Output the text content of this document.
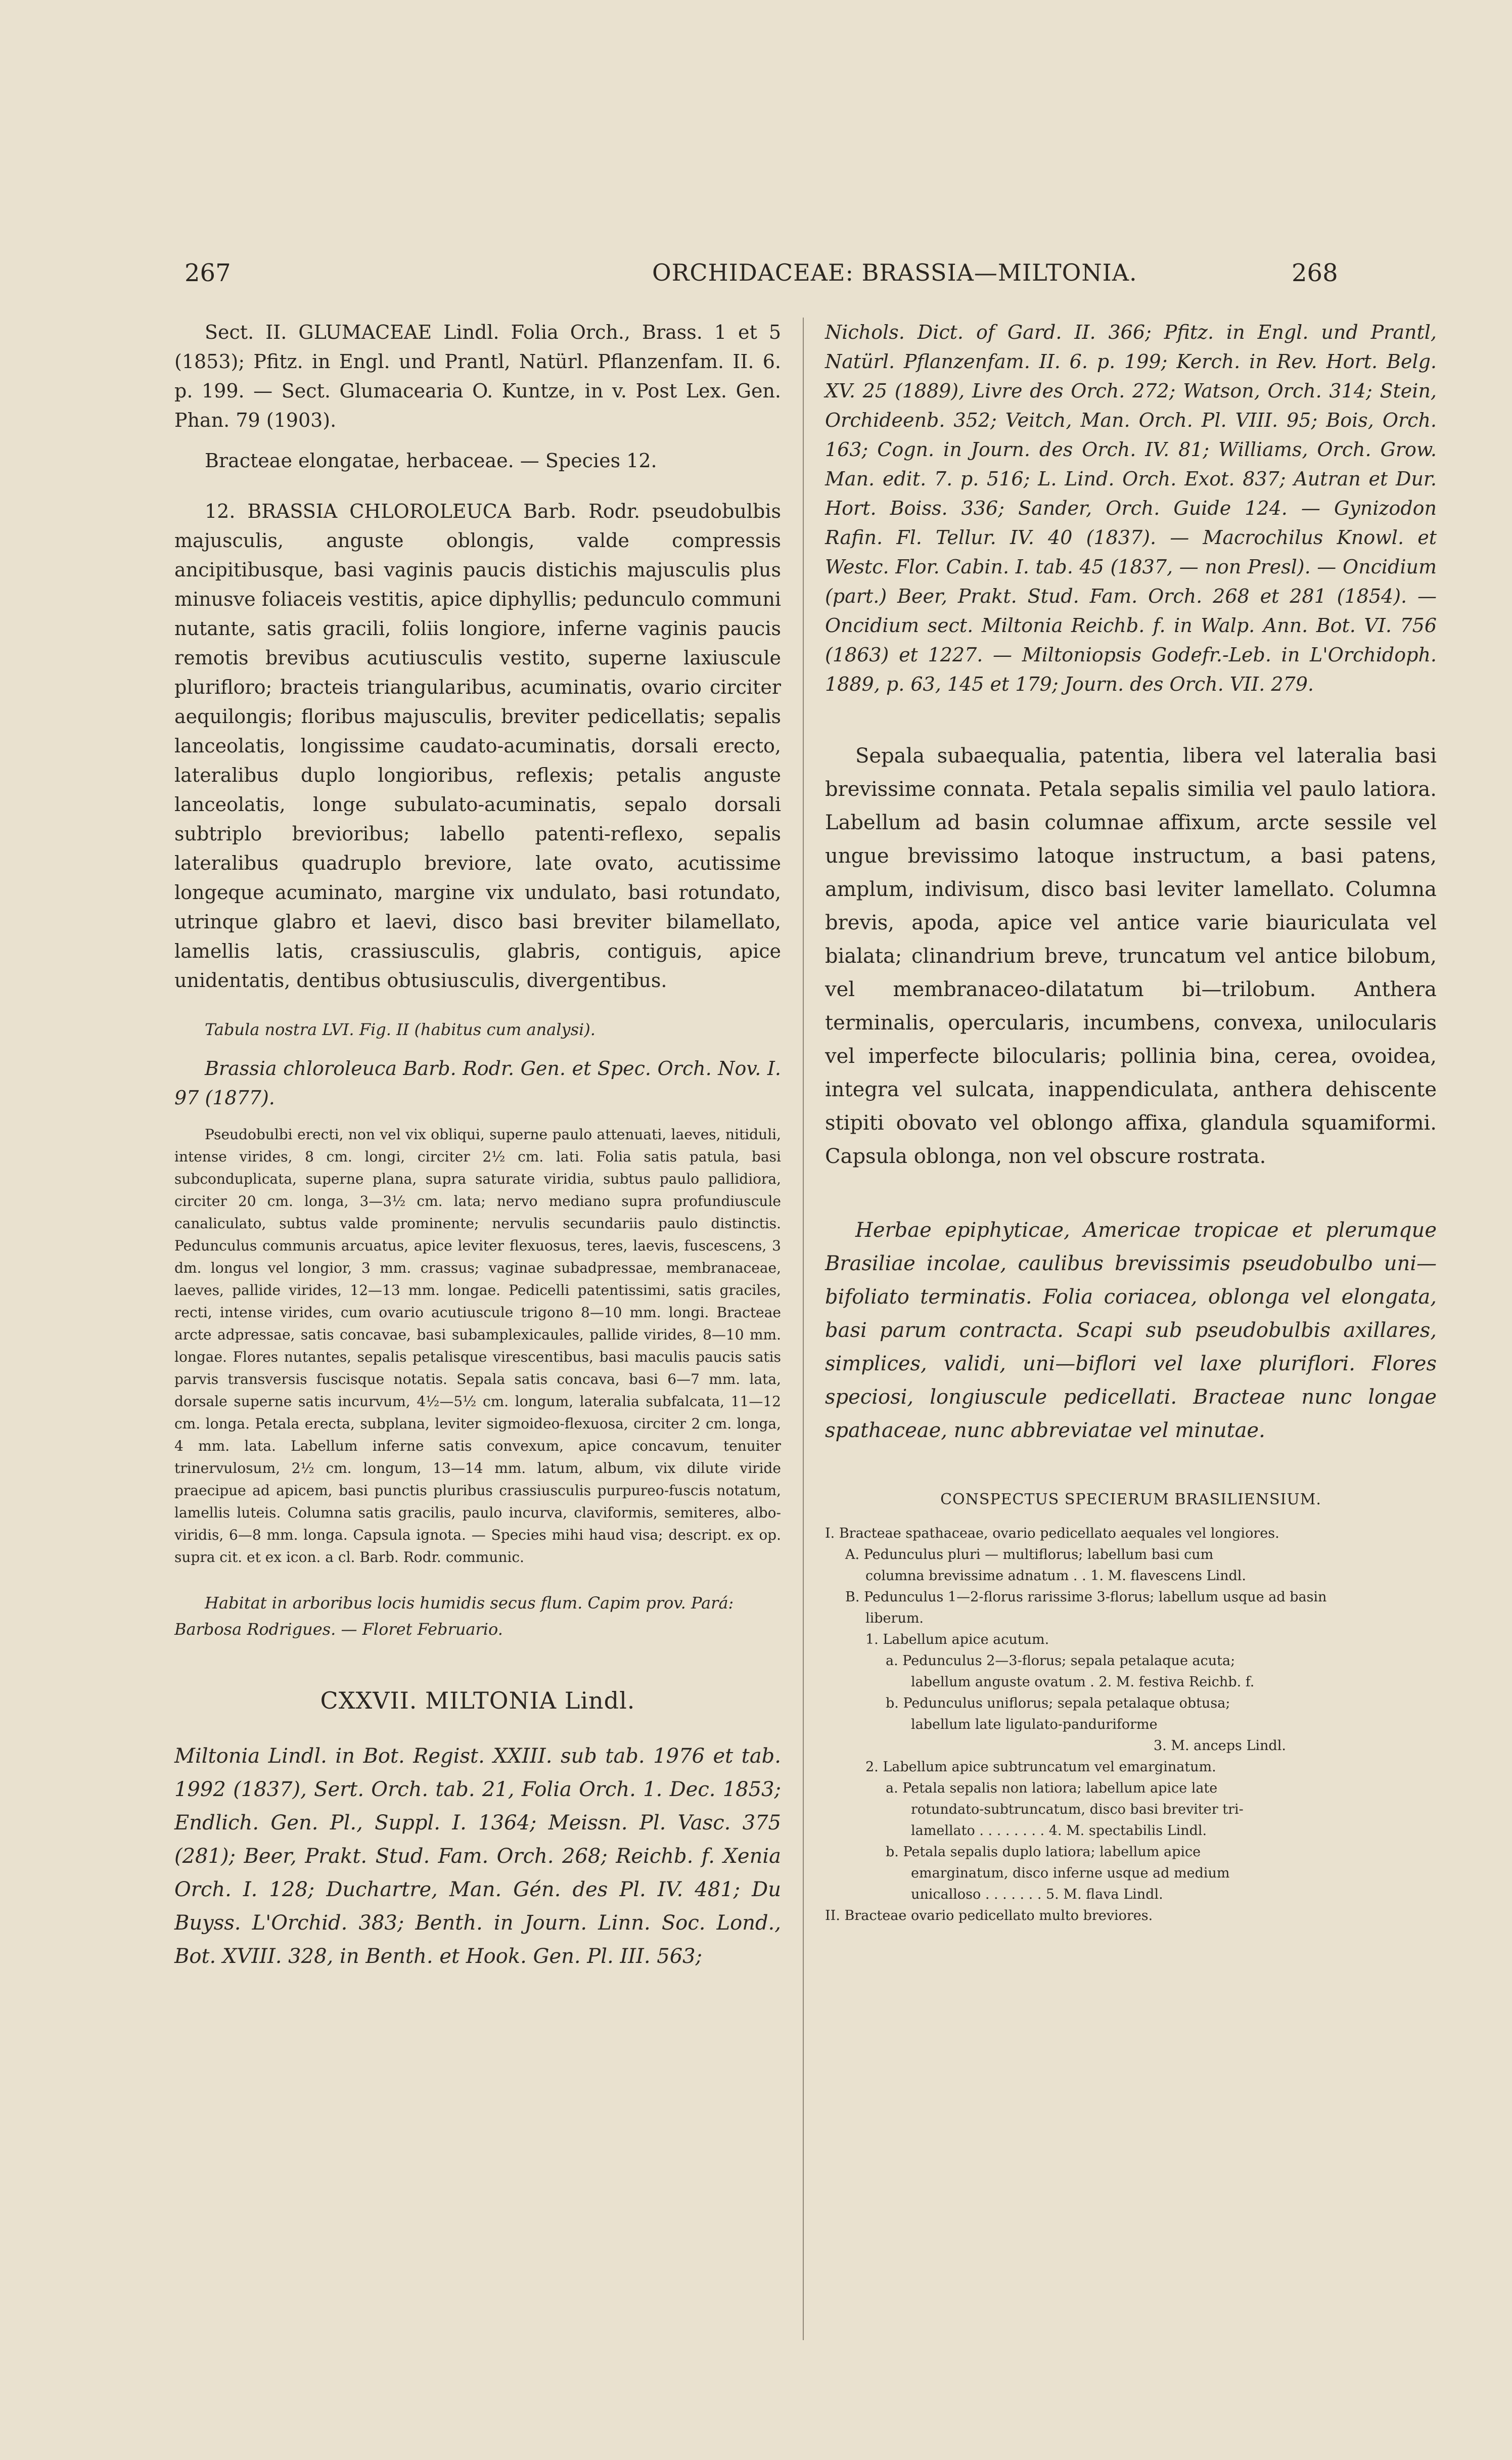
267	ORCHIDACEAE: BRASSIA—MILTONIA.	268

Sect. II. GLUMACEAE Lindl. Folia Orch., Brass. 1 et 5 (1853); Pfitz. in Engl. und Prantl, Natürl. Pflanzenfam. II. 6. p. 199. — Sect. Glumacearia O. Kuntze, in v. Post Lex. Gen. Phan. 79 (1903).

Bracteae elongatae, herbaceae. — Species 12.

12. BRASSIA CHLOROLEUCA Barb. Rodr. pseudobulbis majusculis, anguste oblongis, valde compressis ancipitibusque, basi vaginis paucis distichis majusculis plus minusve foliaceis vestitis, apice diphyllis; pedunculo communi nutante, satis gracili, foliis longiore, inferne vaginis paucis remotis brevibus acutiusculis vestito, superne laxiuscule plurifloro; bracteis triangularibus, acuminatis, ovario circiter aequilongis; floribus majusculis, breviter pedicellatis; sepalis lanceolatis, longissime caudato-acuminatis, dorsali erecto, lateralibus duplo longioribus, reflexis; petalis anguste lanceolatis, longe subulato-acuminatis, sepalo dorsali subtriplo brevioribus; labello patenti-reflexo, sepalis lateralibus quadruplo breviore, late ovato, acutissime longeque acuminato, margine vix undulato, basi rotundato, utrinque glabro et laevi, disco basi breviter bilamellato, lamellis latis, crassiusculis, glabris, contiguis, apice unidentatis, dentibus obtusiusculis, divergentibus.

Tabula nostra LVI. Fig. II (habitus cum analysi).

Brassia chloroleuca Barb. Rodr. Gen. et Spec. Orch. Nov. I. 97 (1877).

Pseudobulbi erecti, non vel vix obliqui, superne paulo attenuati, laeves, nitiduli, intense virides, 8 cm. longi, circiter 2½ cm. lati. Folia satis patula, basi subconduplicata, superne plana, supra saturate viridia, subtus paulo pallidiora, circiter 20 cm. longa, 3—3½ cm. lata; nervo mediano supra profundiuscule canaliculato, subtus valde prominente; nervulis secundariis paulo distinctis. Pedunculus communis arcuatus, apice leviter flexuosus, teres, laevis, fuscescens, 3 dm. longus vel longior, 3 mm. crassus; vaginae subadpressae, membranaceae, laeves, pallide virides, 12—13 mm. longae. Pedicelli patentissimi, satis graciles, recti, intense virides, cum ovario acutiuscule trigono 8—10 mm. longi. Bracteae arcte adpressae, satis concavae, basi subamplexicaules, pallide virides, 8—10 mm. longae. Flores nutantes, sepalis petalisque virescentibus, basi maculis paucis satis parvis transversis fuscisque notatis. Sepala satis concava, basi 6—7 mm. lata, dorsale superne satis incurvum, 4½—5½ cm. longum, lateralia subfalcata, 11—12 cm. longa. Petala erecta, subplana, leviter sigmoideo-flexuosa, circiter 2 cm. longa, 4 mm. lata. Labellum inferne satis convexum, apice concavum, tenuiter trinervulosum, 2½ cm. longum, 13—14 mm. latum, album, vix dilute viride praecipue ad apicem, basi punctis pluribus crassiusculis purpureo-fuscis notatum, lamellis luteis. Columna satis gracilis, paulo incurva, claviformis, semiteres, albo-viridis, 6—8 mm. longa. Capsula ignota. — Species mihi haud visa; descript. ex op. supra cit. et ex icon. a cl. Barb. Rodr. communic.

Habitat in arboribus locis humidis secus flum. Capim prov. Pará: Barbosa Rodrigues. — Floret Februario.

CXXVII. MILTONIA Lindl.

Miltonia Lindl. in Bot. Regist. XXIII. sub tab. 1976 et tab. 1992 (1837), Sert. Orch. tab. 21, Folia Orch. 1. Dec. 1853; Endlich. Gen. Pl., Suppl. I. 1364; Meissn. Pl. Vasc. 375 (281); Beer, Prakt. Stud. Fam. Orch. 268; Reichb. f. Xenia Orch. I. 128; Duchartre, Man. Gén. des Pl. IV. 481; Du Buyss. L'Orchid. 383; Benth. in Journ. Linn. Soc. Lond., Bot. XVIII. 328, in Benth. et Hook. Gen. Pl. III. 563;

Nichols. Dict. of Gard. II. 366; Pfitz. in Engl. und Prantl, Natürl. Pflanzenfam. II. 6. p. 199; Kerch. in Rev. Hort. Belg. XV. 25 (1889), Livre des Orch. 272; Watson, Orch. 314; Stein, Orchideenb. 352; Veitch, Man. Orch. Pl. VIII. 95; Bois, Orch. 163; Cogn. in Journ. des Orch. IV. 81; Williams, Orch. Grow. Man. edit. 7. p. 516; L. Lind. Orch. Exot. 837; Autran et Dur. Hort. Boiss. 336; Sander, Orch. Guide 124. — Gynizodon Rafin. Fl. Tellur. IV. 40 (1837). — Macrochilus Knowl. et Westc. Flor. Cabin. I. tab. 45 (1837, — non Presl). — Oncidium (part.) Beer, Prakt. Stud. Fam. Orch. 268 et 281 (1854). — Oncidium sect. Miltonia Reichb. f. in Walp. Ann. Bot. VI. 756 (1863) et 1227. — Miltoniopsis Godefr.-Leb. in L'Orchidoph. 1889, p. 63, 145 et 179; Journ. des Orch. VII. 279.

Sepala subaequalia, patentia, libera vel lateralia basi brevissime connata. Petala sepalis similia vel paulo latiora. Labellum ad basin columnae affixum, arcte sessile vel ungue brevissimo latoque instructum, a basi patens, amplum, indivisum, disco basi leviter lamellato. Columna brevis, apoda, apice vel antice varie biauriculata vel bialata; clinandrium breve, truncatum vel antice bilobum, vel membranaceo-dilatatum bi—trilobum. Anthera terminalis, opercularis, incumbens, convexa, unilocularis vel imperfecte bilocularis; pollinia bina, cerea, ovoidea, integra vel sulcata, inappendiculata, anthera dehiscente stipiti obovato vel oblongo affixa, glandula squamiformi. Capsula oblonga, non vel obscure rostrata.

Herbae epiphyticae, Americae tropicae et plerumque Brasiliae incolae, caulibus brevissimis pseudobulbo uni—bifoliato terminatis. Folia coriacea, oblonga vel elongata, basi parum contracta. Scapi sub pseudobulbis axillares, simplices, validi, uni—biflori vel laxe pluriflori. Flores speciosi, longiuscule pedicellati. Bracteae nunc longae spathaceae, nunc abbreviatae vel minutae.

CONSPECTUS SPECIERUM BRASILIENSIUM.

I. Bracteae spathaceae, ovario pedicellato aequales vel longiores.
A. Pedunculus pluri — multiflorus; labellum basi cum
columna brevissime adnatum . . 1. M. flavescens Lindl.
B. Pedunculus 1—2-florus rarissime 3-florus; labellum usque ad basin
liberum.
1. Labellum apice acutum.
a. Pedunculus 2—3-florus; sepala petalaque acuta;
labellum anguste ovatum . 2. M. festiva Reichb. f.
b. Pedunculus uniflorus; sepala petalaque obtusa;
labellum late ligulato-panduriforme
3. M. anceps Lindl.
2. Labellum apice subtruncatum vel emarginatum.
a. Petala sepalis non latiora; labellum apice late
rotundato-subtruncatum, disco basi breviter tri-
lamellato . . . . . . . . 4. M. spectabilis Lindl.
b. Petala sepalis duplo latiora; labellum apice
emarginatum, disco inferne usque ad medium
unicalloso . . . . . . . 5. M. flava Lindl.
II. Bracteae ovario pedicellato multo breviores.
